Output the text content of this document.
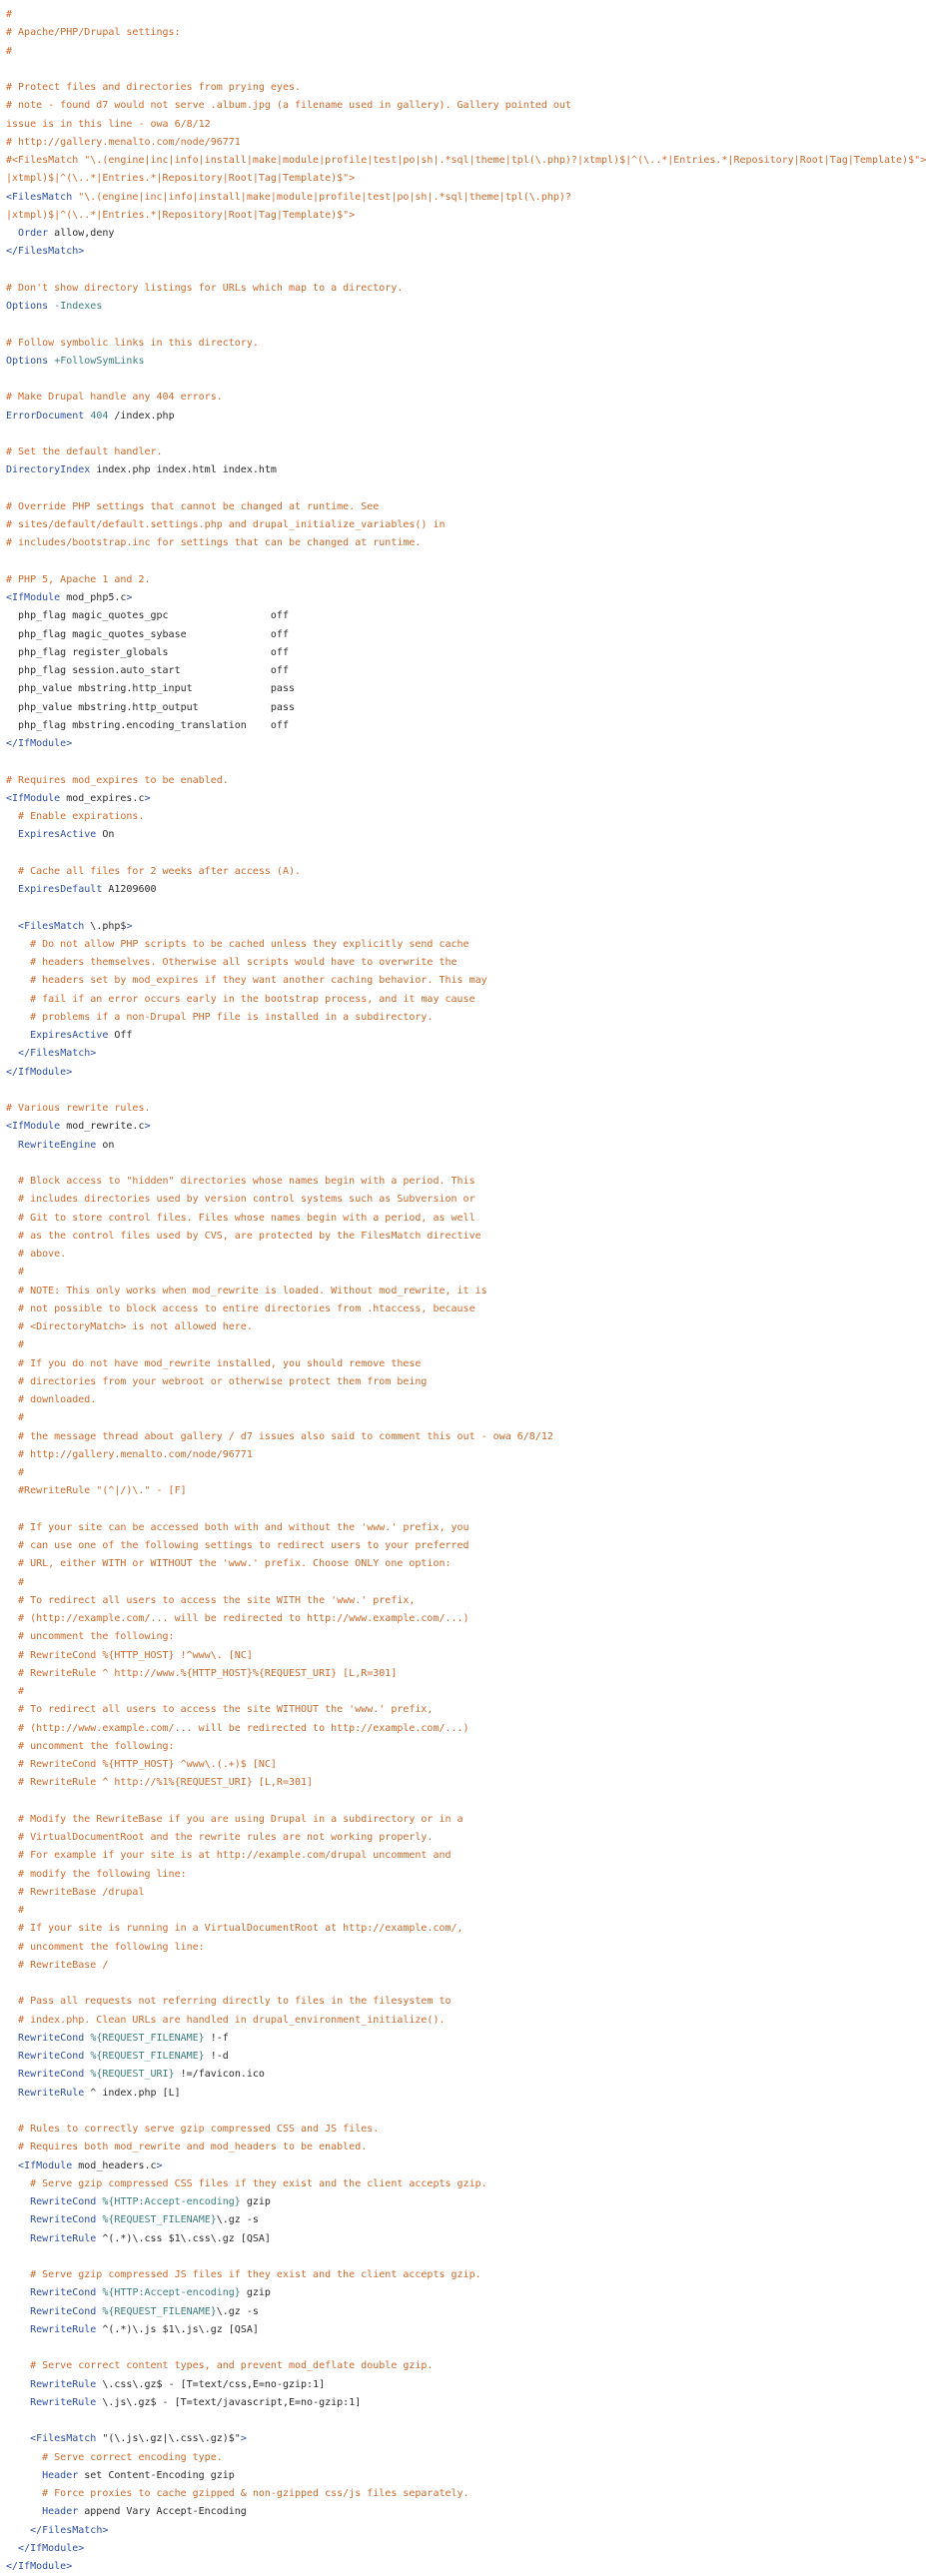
#
# Apache/PHP/Drupal settings:
#

# Protect files and directories from prying eyes.
# note - found d7 would not serve .album.jpg (a filename used in gallery). Gallery pointed out
issue is in this line - owa 6/8/12
# http://gallery.menalto.com/node/96771
#<FilesMatch "\.(engine|inc|info|install|make|module|profile|test|po|sh|.*sql|theme|tpl(\.php)?|xtmpl)$|^(\..*|Entries.*|Repository|Root|Tag|Template)$">
|xtmpl)$|^(\..*|Entries.*|Repository|Root|Tag|Template)$">
<FilesMatch "\.(engine|inc|info|install|make|module|profile|test|po|sh|.*sql|theme|tpl(\.php)?
|xtmpl)$|^(\..*|Entries.*|Repository|Root|Tag|Template)$">
Order allow,deny
</FilesMatch>

# Don't show directory listings for URLs which map to a directory.
Options -Indexes

# Follow symbolic links in this directory.
Options +FollowSymLinks

# Make Drupal handle any 404 errors.
ErrorDocument 404 /index.php

# Set the default handler.
DirectoryIndex index.php index.html index.htm

# Override PHP settings that cannot be changed at runtime. See
# sites/default/default.settings.php and drupal_initialize_variables() in
# includes/bootstrap.inc for settings that can be changed at runtime.

# PHP 5, Apache 1 and 2.
<IfModule mod_php5.c>
php_flag magic_quotes_gpc                 off
php_flag magic_quotes_sybase              off
php_flag register_globals                 off
php_flag session.auto_start               off
php_value mbstring.http_input             pass
php_value mbstring.http_output            pass
php_flag mbstring.encoding_translation    off
</IfModule>

# Requires mod_expires to be enabled.
<IfModule mod_expires.c>
# Enable expirations.
ExpiresActive On

# Cache all files for 2 weeks after access (A).
ExpiresDefault A1209600

<FilesMatch \.php$>
# Do not allow PHP scripts to be cached unless they explicitly send cache
# headers themselves. Otherwise all scripts would have to overwrite the
# headers set by mod_expires if they want another caching behavior. This may
# fail if an error occurs early in the bootstrap process, and it may cause
# problems if a non-Drupal PHP file is installed in a subdirectory.
ExpiresActive Off
</FilesMatch>
</IfModule>

# Various rewrite rules.
<IfModule mod_rewrite.c>
RewriteEngine on

# Block access to "hidden" directories whose names begin with a period. This
# includes directories used by version control systems such as Subversion or
# Git to store control files. Files whose names begin with a period, as well
# as the control files used by CVS, are protected by the FilesMatch directive
# above.
#
# NOTE: This only works when mod_rewrite is loaded. Without mod_rewrite, it is
# not possible to block access to entire directories from .htaccess, because
# <DirectoryMatch> is not allowed here.
#
# If you do not have mod_rewrite installed, you should remove these
# directories from your webroot or otherwise protect them from being
# downloaded.
#
# the message thread about gallery / d7 issues also said to comment this out - owa 6/8/12
# http://gallery.menalto.com/node/96771
#
#RewriteRule "(^|/)\." - [F]

# If your site can be accessed both with and without the 'www.' prefix, you
# can use one of the following settings to redirect users to your preferred
# URL, either WITH or WITHOUT the 'www.' prefix. Choose ONLY one option:
#
# To redirect all users to access the site WITH the 'www.' prefix,
# (http://example.com/... will be redirected to http://www.example.com/...)
# uncomment the following:
# RewriteCond %{HTTP_HOST} !^www\. [NC]
# RewriteRule ^ http://www.%{HTTP_HOST}%{REQUEST_URI} [L,R=301]
#
# To redirect all users to access the site WITHOUT the 'www.' prefix,
# (http://www.example.com/... will be redirected to http://example.com/...)
# uncomment the following:
# RewriteCond %{HTTP_HOST} ^www\.(.+)$ [NC]
# RewriteRule ^ http://%1%{REQUEST_URI} [L,R=301]

# Modify the RewriteBase if you are using Drupal in a subdirectory or in a
# VirtualDocumentRoot and the rewrite rules are not working properly.
# For example if your site is at http://example.com/drupal uncomment and
# modify the following line:
# RewriteBase /drupal
#
# If your site is running in a VirtualDocumentRoot at http://example.com/,
# uncomment the following line:
# RewriteBase /

# Pass all requests not referring directly to files in the filesystem to
# index.php. Clean URLs are handled in drupal_environment_initialize().
RewriteCond %{REQUEST_FILENAME} !-f
RewriteCond %{REQUEST_FILENAME} !-d
RewriteCond %{REQUEST_URI} !=/favicon.ico
RewriteRule ^ index.php [L]

# Rules to correctly serve gzip compressed CSS and JS files.
# Requires both mod_rewrite and mod_headers to be enabled.
<IfModule mod_headers.c>
# Serve gzip compressed CSS files if they exist and the client accepts gzip.
RewriteCond %{HTTP:Accept-encoding} gzip
RewriteCond %{REQUEST_FILENAME}\.gz -s
RewriteRule ^(.*)\.css $1\.css\.gz [QSA]

# Serve gzip compressed JS files if they exist and the client accepts gzip.
RewriteCond %{HTTP:Accept-encoding} gzip
RewriteCond %{REQUEST_FILENAME}\.gz -s
RewriteRule ^(.*)\.js $1\.js\.gz [QSA]

# Serve correct content types, and prevent mod_deflate double gzip.
RewriteRule \.css\.gz$ - [T=text/css,E=no-gzip:1]
RewriteRule \.js\.gz$ - [T=text/javascript,E=no-gzip:1]

<FilesMatch "(\.js\.gz|\.css\.gz)$">
# Serve correct encoding type.
Header set Content-Encoding gzip
# Force proxies to cache gzipped & non-gzipped css/js files separately.
Header append Vary Accept-Encoding
</FilesMatch>
</IfModule>
</IfModule>
